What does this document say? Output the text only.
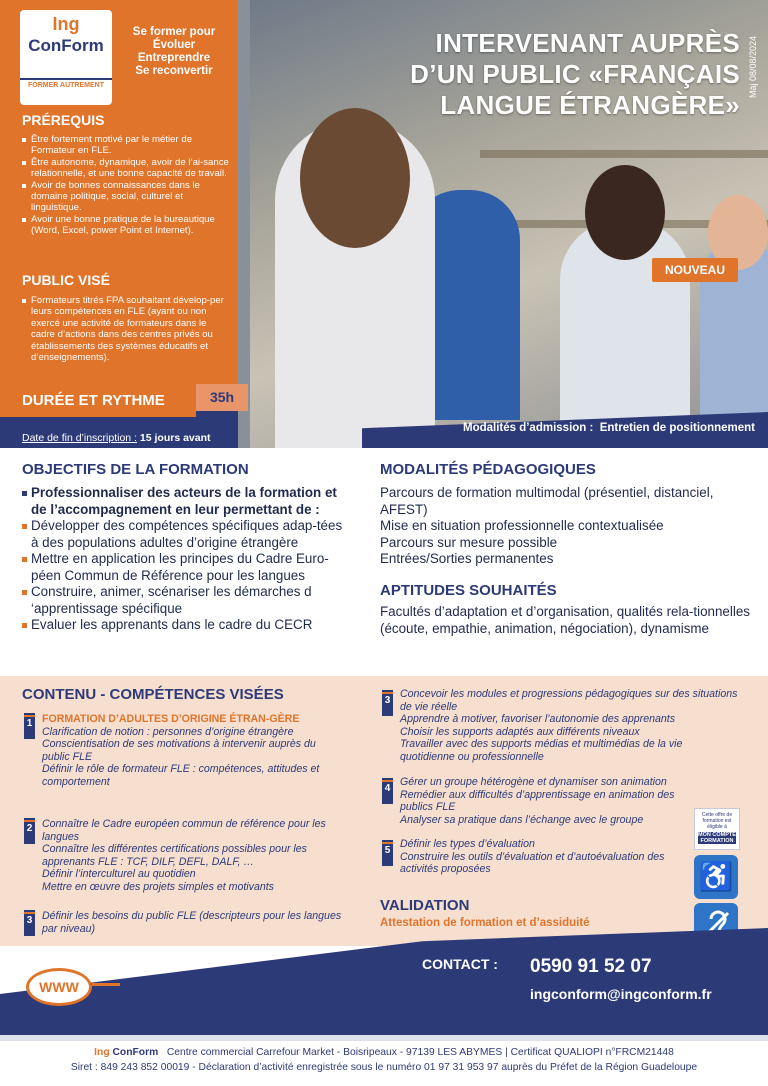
Ing
ConForm
FORMER AUTREMENT
Se former pour
Évoluer
Entreprendre
Se reconvertir
PRÉREQUIS
Être fortement motivé par le métier de Formateur en FLE.
Être autonome, dynamique, avoir de l’ai-sance relationnelle, et une bonne capacité de travail.
Avoir de bonnes connaissances dans le domaine politique, social, culturel et linguistique.
Avoir une bonne pratique de la bureautique (Word, Excel, power Point et Internet).
PUBLIC VISÉ
Formateurs titrés FPA souhaitant dévelop-per leurs compétences en FLE (ayant ou non exercé une activité de formateurs dans le cadre d’actions dans des centres privés ou établissements des systèmes éducatifs et d’enseignements).
INTERVENANT AUPRÈS
D’UN PUBLIC «FRANÇAIS
LANGUE ÉTRANGÈRE»
Màj 08/08/2024
NOUVEAU
DURÉE ET RYTHME	35h
Date de fin d’inscription : 15 jours avant
Modalités d’admission : Entretien de positionnement
OBJECTIFS DE LA FORMATION
Professionnaliser des acteurs de la formation et de l’accompagnement en leur permettant de :
Développer des compétences spécifiques adap-tées à des populations adultes d’origine étrangère
Mettre en application les principes du Cadre Euro-péen Commun de Référence pour les langues
Construire, animer, scénariser les démarches d ‘apprentissage spécifique
Evaluer les apprenants dans le cadre du CECR
MODALITÉS PÉDAGOGIQUES
Parcours de formation multimodal (présentiel, distanciel, AFEST)
Mise en situation professionnelle contextualisée
Parcours sur mesure possible
Entrées/Sorties permanentes
APTITUDES SOUHAITÉS
Facultés d’adaptation et d’organisation, qualités rela-tionnelles (écoute, empathie, animation, négociation), dynamisme
CONTENU - COMPÉTENCES VISÉES
1 FORMATION D’ADULTES D’ORIGINE ÉTRAN-GÈRE
Clarification de notion : personnes d’origine étrangère
Conscientisation de ses motivations à intervenir auprès du public FLE
Définir le rôle de formateur FLE : compétences, attitudes et comportement
2 Connaître le Cadre européen commun de référence pour les langues
Connaître les différentes certifications possibles pour les apprenants FLE : TCF, DILF, DEFL, DALF, …
Définir l’interculturel au quotidien
Mettre en œuvre des projets simples et motivants
3 Définir les besoins du public FLE (descripteurs pour les langues par niveau)
3
Concevoir les modules et progressions pédagogiques sur des situations de vie réelle
Apprendre à motiver, favoriser l’autonomie des apprenants
Choisir les supports adaptés aux différents niveaux
Travailler avec des supports médias et multimédias de la vie quotidienne ou professionnelle
4
Gérer un groupe hétérogène et dynamiser son animation
Remédier aux difficultés d’apprentissage en animation des publics FLE
Analyser sa pratique dans l’échange avec le groupe
5
Définir les types d’évaluation
Construire les outils d’évaluation et d’autoévaluation des activités proposées
Cette offre de formation est éligible à
MON COMPTE FORMATION
♿
VALIDATION
Attestation de formation et d’assiduité
CONTACT : 0590 91 52 07
ingconform@ingconform.fr
WWW	ingconform.fr
digilearning.fr	TARIF : 15€/h
Ing ConForm Centre commercial Carrefour Market - Boisripeaux - 97139 LES ABYMES | Certificat QUALIOPI n°FRCM21448
Siret : 849 243 852 00019 - Déclaration d’activité enregistrée sous le numéro 01 97 31 953 97 auprès du Préfet de la Région Guadeloupe
